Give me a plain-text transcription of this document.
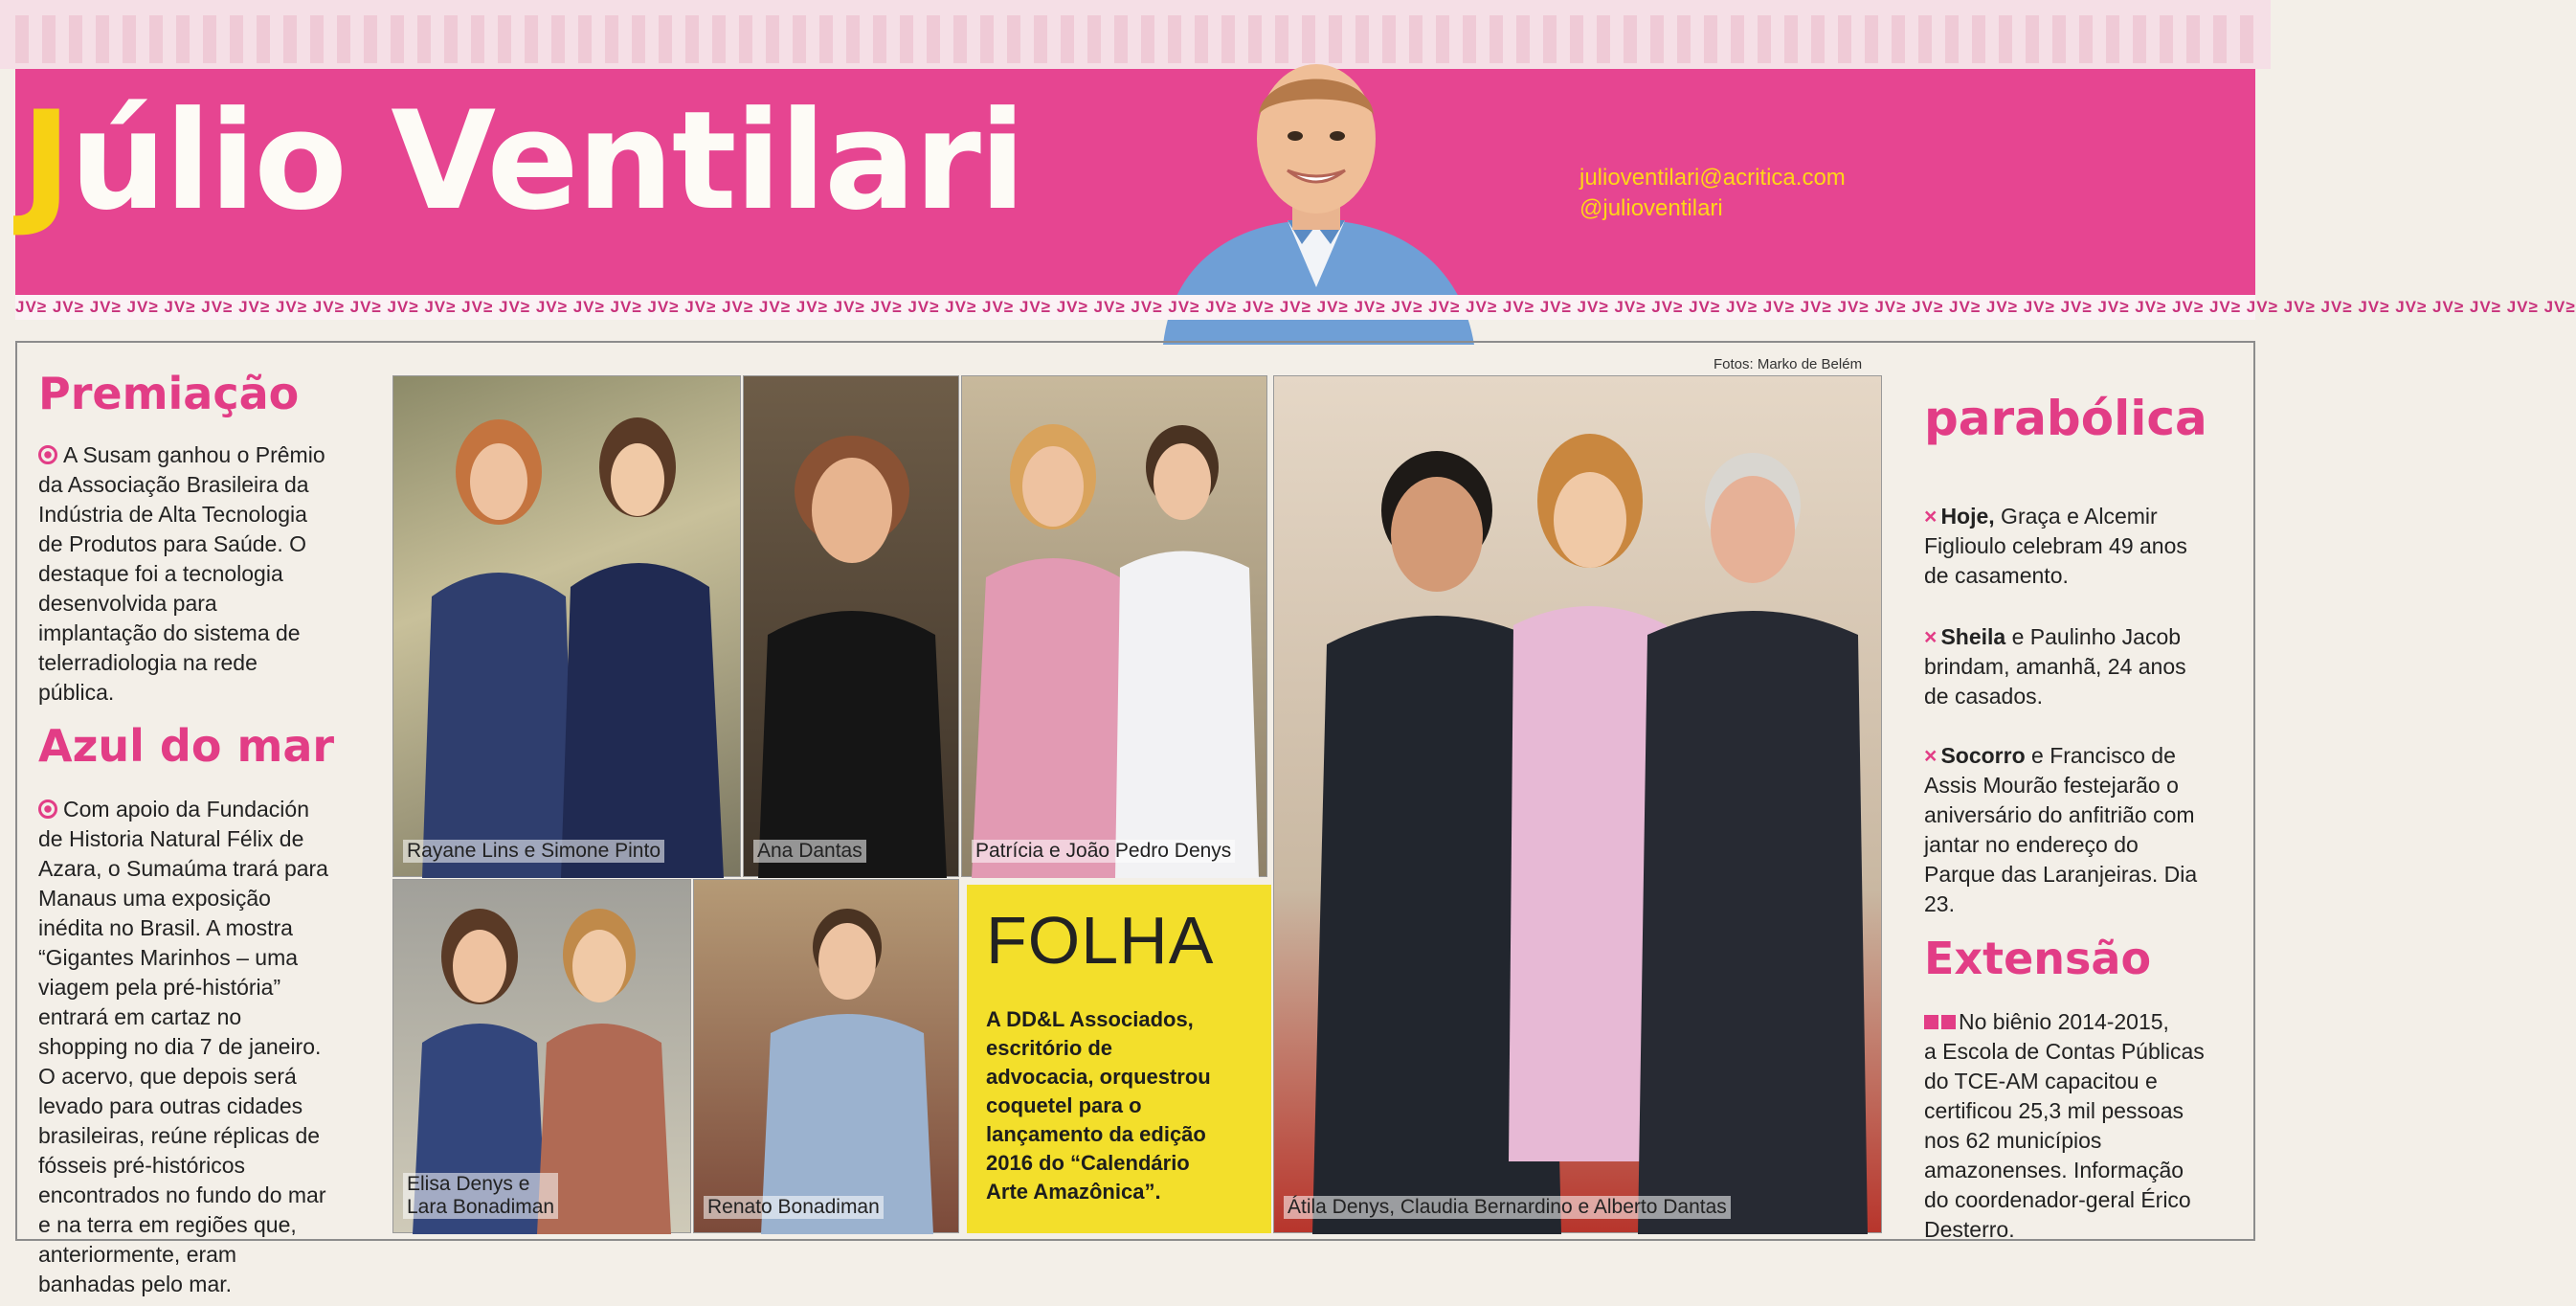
Júlio Ventilari	julioventilari@acritica.com
@julioventilari
JV≥ JV≥ JV≥ JV≥ JV≥ JV≥ JV≥ JV≥ JV≥ JV≥ JV≥ JV≥ JV≥ JV≥ JV≥ JV≥ JV≥ JV≥ JV≥ JV≥ JV≥ JV≥ JV≥ JV≥ JV≥ JV≥ JV≥ JV≥ JV≥ JV≥ JV≥ JV≥ JV≥ JV≥ JV≥ JV≥ JV≥ JV≥ JV≥ JV≥ JV≥ JV≥ JV≥ JV≥ JV≥ JV≥ JV≥ JV≥ JV≥ JV≥ JV≥ JV≥ JV≥ JV≥ JV≥ JV≥ JV≥ JV≥ JV≥ JV≥ JV≥ JV≥ JV≥ JV≥ JV≥ JV≥ JV≥ JV≥ JV≥
Premiação
A Susam ganhou o Prêmio
da Associação Brasileira da
Indústria de Alta Tecnologia
de Produtos para Saúde. O
destaque foi a tecnologia
desenvolvida para
implantação do sistema de
telerradiologia na rede
pública.
Azul do mar
Com apoio da Fundación
de Historia Natural Félix de
Azara, o Sumaúma trará para
Manaus uma exposição
inédita no Brasil. A mostra
“Gigantes Marinhos – uma
viagem pela pré-história”
entrará em cartaz no
shopping no dia 7 de janeiro.
O acervo, que depois será
levado para outras cidades
brasileiras, reúne réplicas de
fósseis pré-históricos
encontrados no fundo do mar
e na terra em regiões que,
anteriormente, eram
banhadas pelo mar.
Fotos: Marko de Belém
Rayane Lins e Simone Pinto	Ana Dantas	Patrícia e João Pedro Denys
Elisa Denys e
Lara Bonadiman	Renato Bonadiman	Átila Denys, Claudia Bernardino e Alberto Dantas
FOLHA
A DD&L Associados,
escritório de
advocacia, orquestrou
coquetel para o
lançamento da edição
2016 do “Calendário
Arte Amazônica”.
parabólica
× Hoje, Graça e Alcemir
Figlioulo celebram 49 anos
de casamento.
× Sheila e Paulinho Jacob
brindam, amanhã, 24 anos
de casados.
× Socorro e Francisco de
Assis Mourão festejarão o
aniversário do anfitrião com
jantar no endereço do
Parque das Laranjeiras. Dia
23.
Extensão
No biênio 2014-2015,
a Escola de Contas Públicas
do TCE-AM capacitou e
certificou 25,3 mil pessoas
nos 62 municípios
amazonenses. Informação
do coordenador-geral Érico
Desterro.
